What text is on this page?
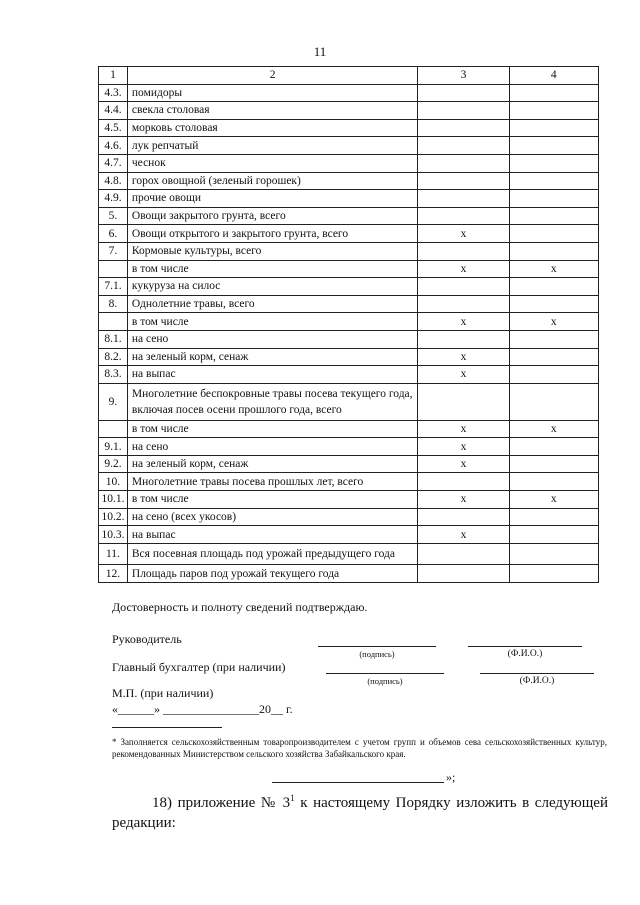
11
1	2	3	4
4.3.	помидоры		
4.4.	свекла столовая		
4.5.	морковь столовая		
4.6.	лук репчатый		
4.7.	чеснок		
4.8.	горох овощной (зеленый горошек)		
4.9.	прочие овощи		
5.	Овощи закрытого грунта, всего		
6.	Овощи открытого и закрытого грунта, всего	x	
7.	Кормовые культуры, всего		
	в том числе	x	x
7.1.	кукуруза на силос		
8.	Однолетние травы, всего		
	в том числе	x	x
8.1.	на сено		
8.2.	на зеленый корм, сенаж	x	
8.3.	на выпас	x	
9.	Многолетние беспокровные травы посева текущего года, включая посев осени прошлого года, всего		
	в том числе	x	x
9.1.	на сено	x	
9.2.	на зеленый корм, сенаж	x	
10.	Многолетние травы посева прошлых лет, всего		
10.1.	в том числе	x	x
10.2.	на сено (всех укосов)		
10.3.	на выпас	x	
11.	Вся посевная площадь под урожай предыдущего года		
12.	Площадь паров под урожай текущего года		
Достоверность и полноту сведений подтверждаю.
Руководитель
(подпись)	(Ф.И.О.)
Главный бухгалтер (при наличии)
(подпись)	(Ф.И.О.)
М.П. (при наличии)
«______» ________________20__ г.
* Заполняется сельскохозяйственным товаропроизводителем с учетом групп и объемов сева сельскохозяйственных культур, рекомендованных Министерством сельского хозяйства Забайкальского края.
»;
18) приложение № $3^1$ к настоящему Порядку изложить в следующей редакции:
